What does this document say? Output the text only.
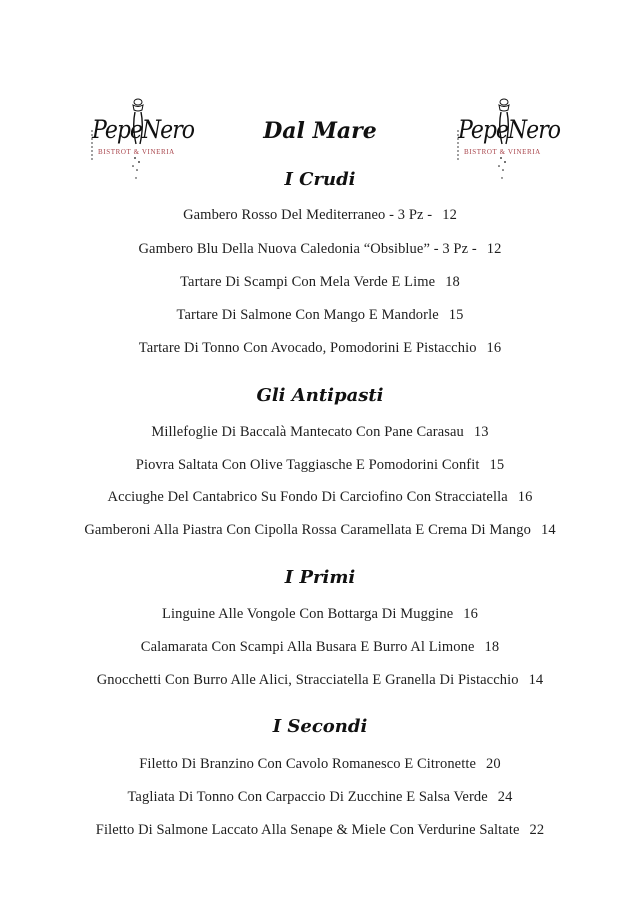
PepeNero
BISTROT & VINERIA
PepeNero
BISTROT & VINERIA
Dal Mare
I Crudi
Gambero Rosso Del Mediterraneo - 3 Pz - 12
Gambero Blu Della Nuova Caledonia “Obsiblue” - 3 Pz - 12
Tartare Di Scampi Con Mela Verde E Lime 18
Tartare Di Salmone Con Mango E Mandorle 15
Tartare Di Tonno Con Avocado, Pomodorini E Pistacchio 16
Gli Antipasti
Millefoglie Di Baccalà Mantecato Con Pane Carasau 13
Piovra Saltata Con Olive Taggiasche E Pomodorini Confit 15
Acciughe Del Cantabrico Su Fondo Di Carciofino Con Stracciatella 16
Gamberoni Alla Piastra Con Cipolla Rossa Caramellata E Crema Di Mango 14
I Primi
Linguine Alle Vongole Con Bottarga Di Muggine 16
Calamarata Con Scampi Alla Busara E Burro Al Limone 18
Gnocchetti Con Burro Alle Alici, Stracciatella E Granella Di Pistacchio 14
I Secondi
Filetto Di Branzino Con Cavolo Romanesco E Citronette 20
Tagliata Di Tonno Con Carpaccio Di Zucchine E Salsa Verde 24
Filetto Di Salmone Laccato Alla Senape & Miele Con Verdurine Saltate 22
